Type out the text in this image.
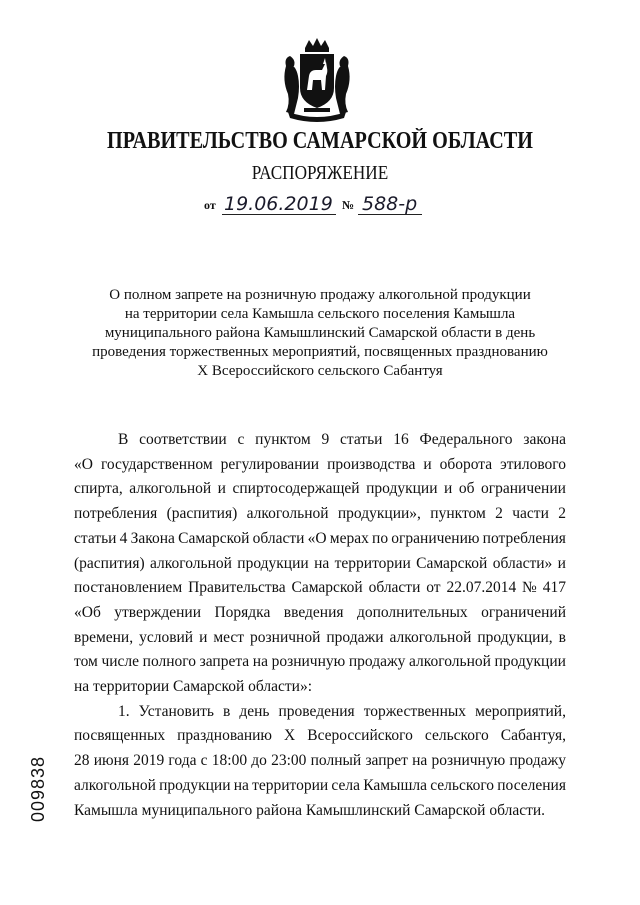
ПРАВИТЕЛЬСТВО САМАРСКОЙ ОБЛАСТИ
РАСПОРЯЖЕНИЕ
от 19.06.2019 № 588-р
О полном запрете на розничную продажу алкогольной продукции
на территории села Камышла сельского поселения Камышла
муниципального района Камышлинский Самарской области в день
проведения торжественных мероприятий, посвященных празднованию
X Всероссийского сельского Сабантуя
В соответствии с пунктом 9 статьи 16 Федерального закона
«О государственном регулировании производства и оборота этилового
спирта, алкогольной и спиртосодержащей продукции и об ограничении
потребления (распития) алкогольной продукции», пунктом 2 части 2
статьи 4 Закона Самарской области «О мерах по ограничению потребления
(распития) алкогольной продукции на территории Самарской области» и
постановлением Правительства Самарской области от 22.07.2014 № 417
«Об утверждении Порядка введения дополнительных ограничений
времени, условий и мест розничной продажи алкогольной продукции, в
том числе полного запрета на розничную продажу алкогольной продукции
на территории Самарской области»:
1. Установить в день проведения торжественных мероприятий,
посвященных празднованию X Всероссийского сельского Сабантуя,
28 июня 2019 года с 18:00 до 23:00 полный запрет на розничную продажу
алкогольной продукции на территории села Камышла сельского поселения
Камышла муниципального района Камышлинский Самарской области.
009838
